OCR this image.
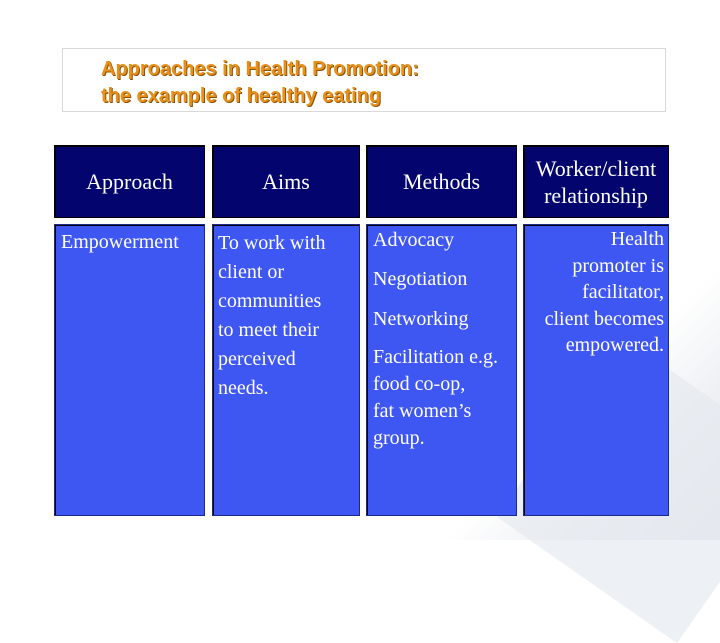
Approaches in Health Promotion:
the example of healthy eating
Approach	Aims	Methods
Worker/client
relationship
Empowerment To work with
client or
communities
to meet their
perceived
needs.
Advocacy
Negotiation
Networking
Facilitation e.g.
food co-op,
fat women’s
group.
Health
promoter is
facilitator,
client becomes
empowered.
